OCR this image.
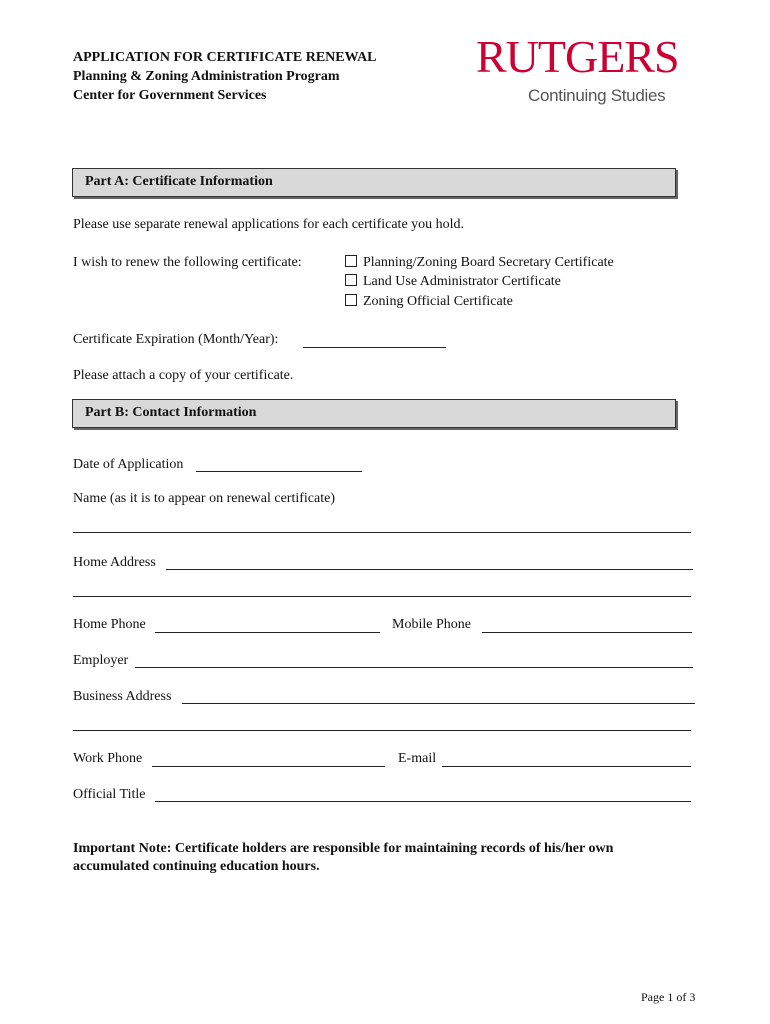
APPLICATION FOR CERTIFICATE RENEWAL
Planning & Zoning Administration Program
Center for Government Services
RUTGERS
Continuing Studies
Part A: Certificate Information
Please use separate renewal applications for each certificate you hold.
I wish to renew the following certificate:	Planning/Zoning Board Secretary Certificate
Land Use Administrator Certificate
Zoning Official Certificate
Certificate Expiration (Month/Year):
Please attach a copy of your certificate.
Part B: Contact Information
Date of Application
Name (as it is to appear on renewal certificate)
Home Address
Home Phone	Mobile Phone
Employer
Business Address
Work Phone	E-mail
Official Title
Important Note: Certificate holders are responsible for maintaining records of his/her own accumulated continuing education hours.
Page 1 of 3
